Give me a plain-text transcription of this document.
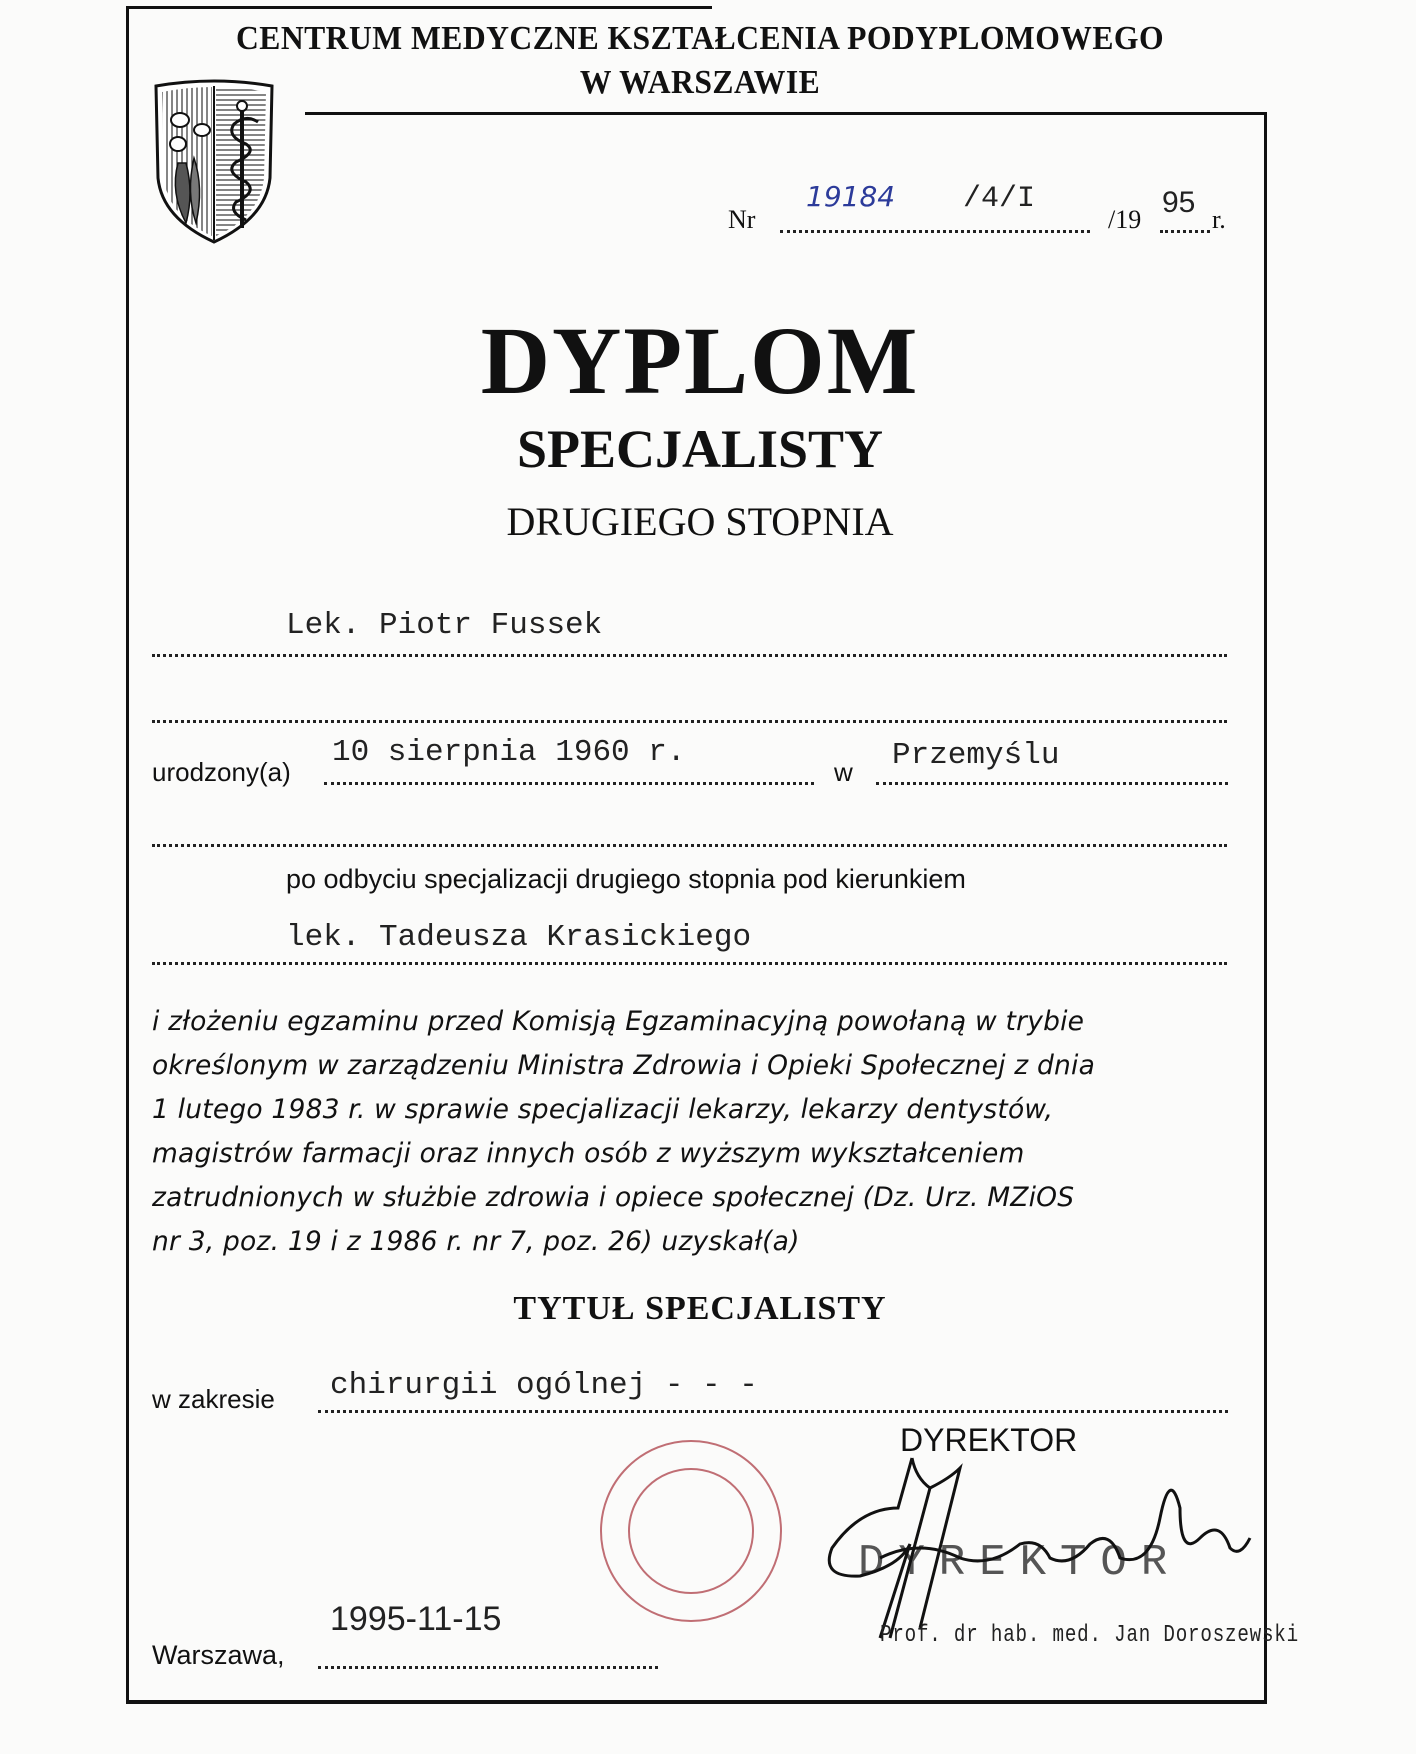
CENTRUM MEDYCZNE KSZTAŁCENIA PODYPLOMOWEGO
W WARSZAWIE
Nr
19184 /4/I
/19
95
r.
DYPLOM
SPECJALISTY
DRUGIEGO STOPNIA
Lek. Piotr Fussek
urodzony(a)
10 sierpnia 1960 r.
w Przemyślu
po odbyciu specjalizacji drugiego stopnia pod kierunkiem
lek. Tadeusza Krasickiego
i złożeniu egzaminu przed Komisją Egzaminacyjną powołaną w trybie
określonym w zarządzeniu Ministra Zdrowia i Opieki Społecznej z dnia
1 lutego 1983 r. w sprawie specjalizacji lekarzy, lekarzy dentystów,
magistrów farmacji oraz innych osób z wyższym wykształceniem
zatrudnionych w służbie zdrowia i opiece społecznej (Dz. Urz. MZiOS
nr 3, poz. 19 i z 1986 r. nr 7, poz. 26) uzyskał(a)
TYTUŁ SPECJALISTY
w zakresie chirurgii ogólnej - - -
DYREKTOR
DYREKTOR
Prof. dr hab. med. Jan Doroszewski
Warszawa,
1995-11-15
